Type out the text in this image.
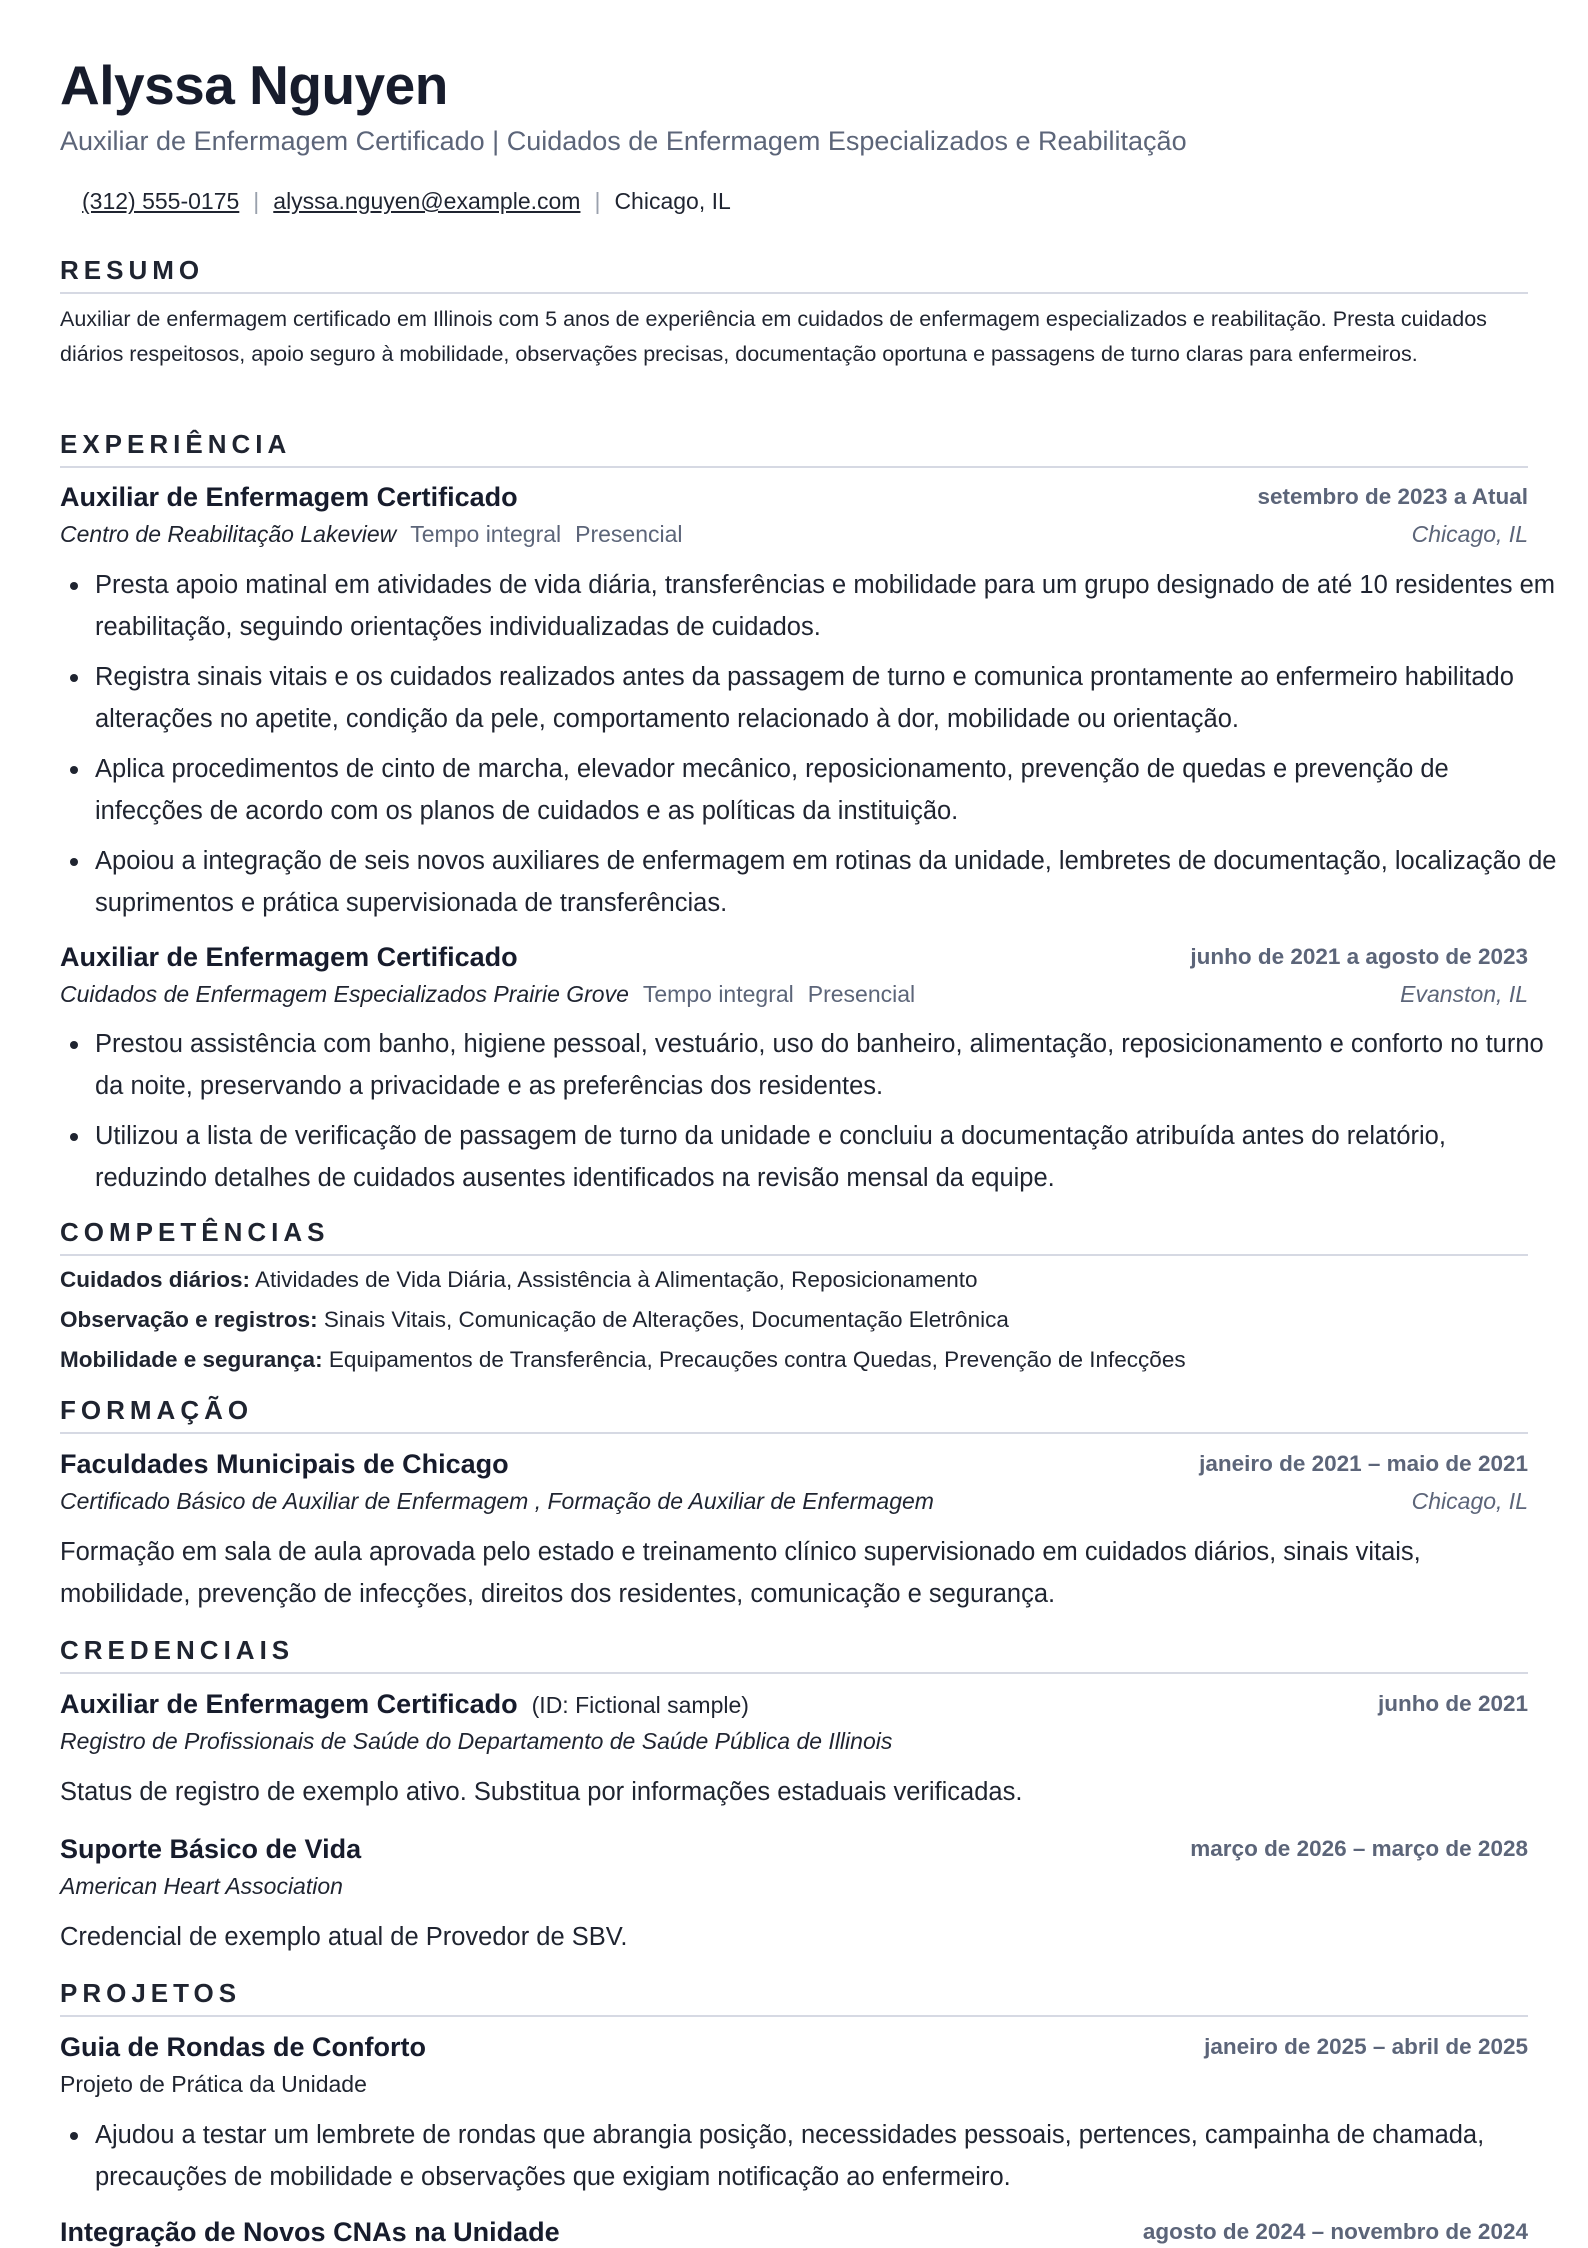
Alyssa Nguyen
Auxiliar de Enfermagem Certificado | Cuidados de Enfermagem Especializados e Reabilitação
(312) 555-0175 | alyssa.nguyen@example.com | Chicago, IL
RESUMO
Auxiliar de enfermagem certificado em Illinois com 5 anos de experiência em cuidados de enfermagem especializados e reabilitação. Presta cuidados diários respeitosos, apoio seguro à mobilidade, observações precisas, documentação oportuna e passagens de turno claras para enfermeiros.
EXPERIÊNCIA
Auxiliar de Enfermagem Certificado	setembro de 2023 a Atual
Centro de Reabilitação Lakeview Tempo integral Presencial	Chicago, IL
Presta apoio matinal em atividades de vida diária, transferências e mobilidade para um grupo designado de até 10 residentes em reabilitação, seguindo orientações individualizadas de cuidados.
Registra sinais vitais e os cuidados realizados antes da passagem de turno e comunica prontamente ao enfermeiro habilitado alterações no apetite, condição da pele, comportamento relacionado à dor, mobilidade ou orientação.
Aplica procedimentos de cinto de marcha, elevador mecânico, reposicionamento, prevenção de quedas e prevenção de infecções de acordo com os planos de cuidados e as políticas da instituição.
Apoiou a integração de seis novos auxiliares de enfermagem em rotinas da unidade, lembretes de documentação, localização de suprimentos e prática supervisionada de transferências.
Auxiliar de Enfermagem Certificado	junho de 2021 a agosto de 2023
Cuidados de Enfermagem Especializados Prairie Grove Tempo integral Presencial	Evanston, IL
Prestou assistência com banho, higiene pessoal, vestuário, uso do banheiro, alimentação, reposicionamento e conforto no turno da noite, preservando a privacidade e as preferências dos residentes.
Utilizou a lista de verificação de passagem de turno da unidade e concluiu a documentação atribuída antes do relatório, reduzindo detalhes de cuidados ausentes identificados na revisão mensal da equipe.
COMPETÊNCIAS
Cuidados diários: Atividades de Vida Diária, Assistência à Alimentação, Reposicionamento
Observação e registros: Sinais Vitais, Comunicação de Alterações, Documentação Eletrônica
Mobilidade e segurança: Equipamentos de Transferência, Precauções contra Quedas, Prevenção de Infecções
FORMAÇÃO
Faculdades Municipais de Chicago	janeiro de 2021 – maio de 2021
Certificado Básico de Auxiliar de Enfermagem , Formação de Auxiliar de Enfermagem	Chicago, IL
Formação em sala de aula aprovada pelo estado e treinamento clínico supervisionado em cuidados diários, sinais vitais, mobilidade, prevenção de infecções, direitos dos residentes, comunicação e segurança.
CREDENCIAIS
Auxiliar de Enfermagem Certificado (ID: Fictional sample)	junho de 2021
Registro de Profissionais de Saúde do Departamento de Saúde Pública de Illinois
Status de registro de exemplo ativo. Substitua por informações estaduais verificadas.
Suporte Básico de Vida	março de 2026 – março de 2028
American Heart Association
Credencial de exemplo atual de Provedor de SBV.
PROJETOS
Guia de Rondas de Conforto	janeiro de 2025 – abril de 2025
Projeto de Prática da Unidade
Ajudou a testar um lembrete de rondas que abrangia posição, necessidades pessoais, pertences, campainha de chamada, precauções de mobilidade e observações que exigiam notificação ao enfermeiro.
Integração de Novos CNAs na Unidade	agosto de 2024 – novembro de 2024
